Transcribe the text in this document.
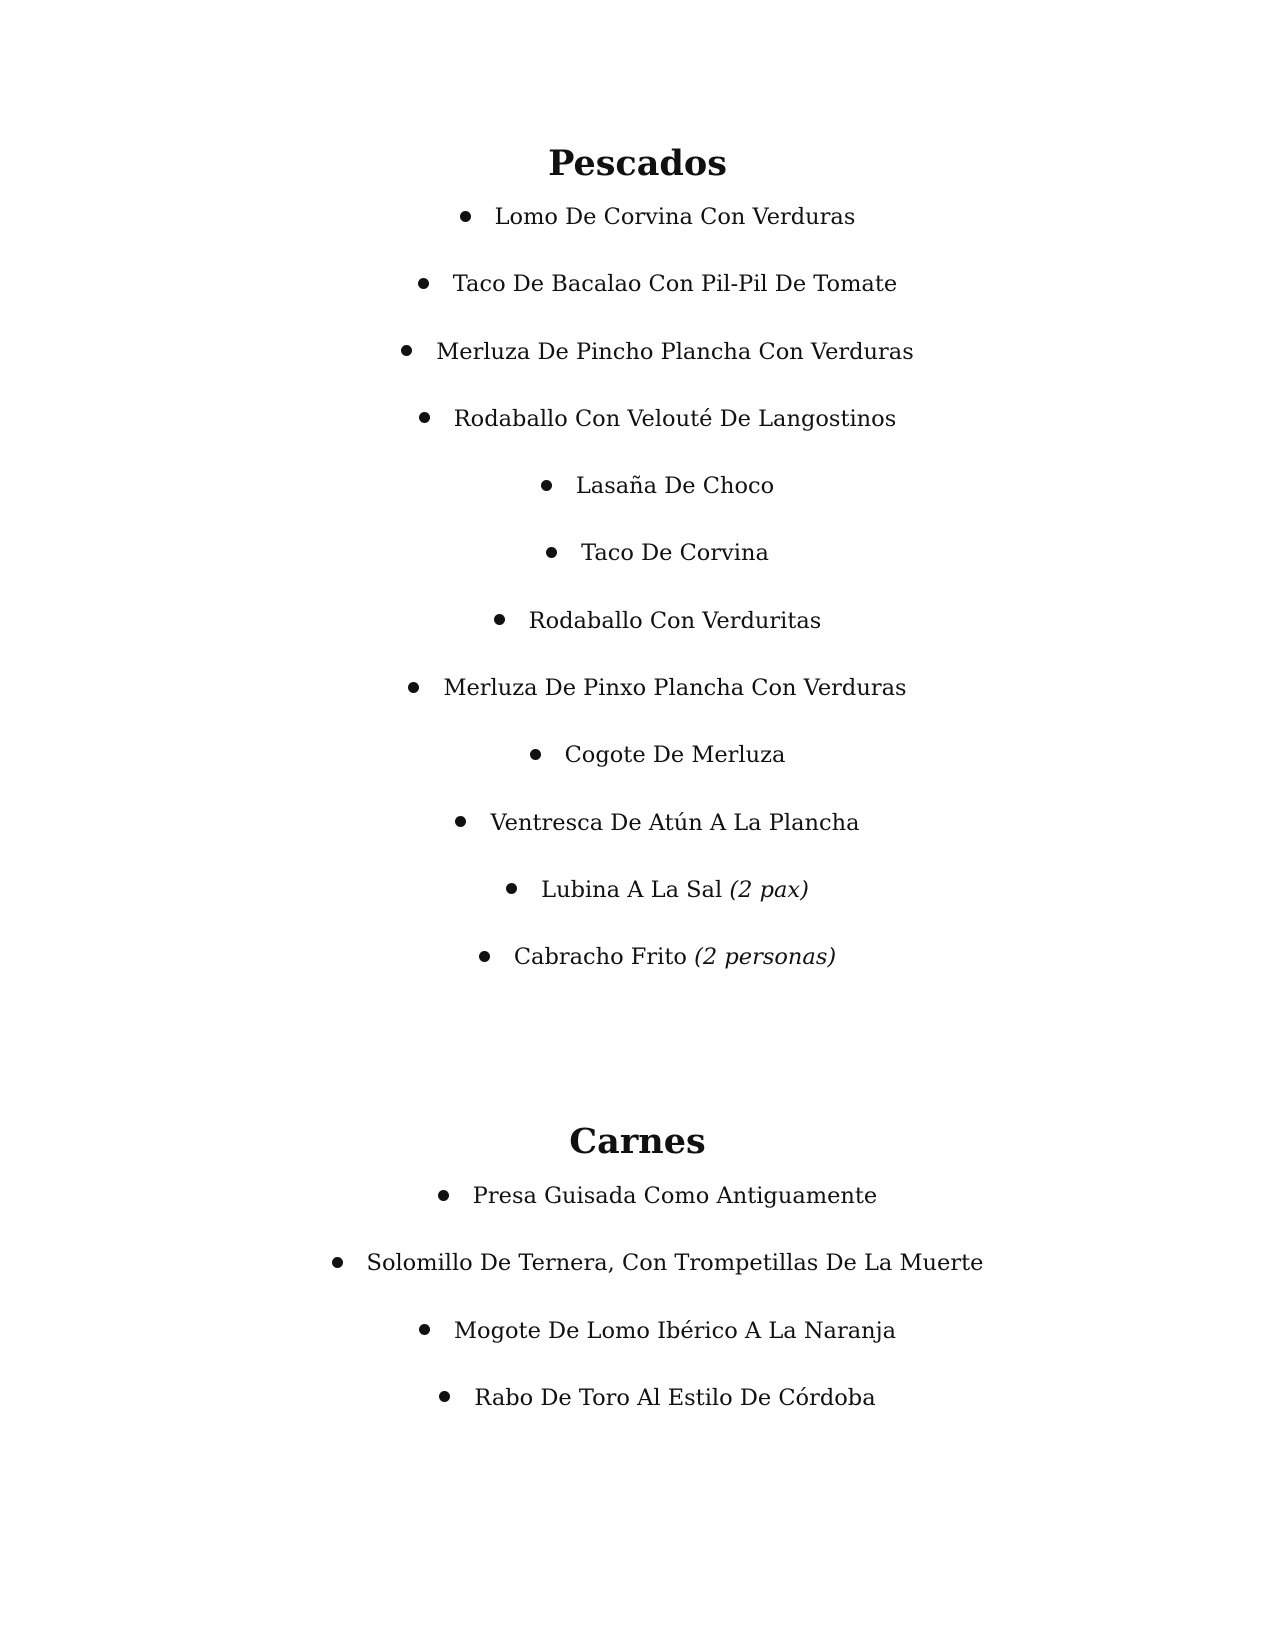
Pescados
Lomo De Corvina Con Verduras
Taco De Bacalao Con Pil-Pil De Tomate
Merluza De Pincho Plancha Con Verduras
Rodaballo Con Velouté De Langostinos
Lasaña De Choco
Taco De Corvina
Rodaballo Con Verduritas
Merluza De Pinxo Plancha Con Verduras
Cogote De Merluza
Ventresca De Atún A La Plancha
Lubina A La Sal (2 pax)
Cabracho Frito (2 personas)
Carnes
Presa Guisada Como Antiguamente
Solomillo De Ternera, Con Trompetillas De La Muerte
Mogote De Lomo Ibérico A La Naranja
Rabo De Toro Al Estilo De Córdoba
